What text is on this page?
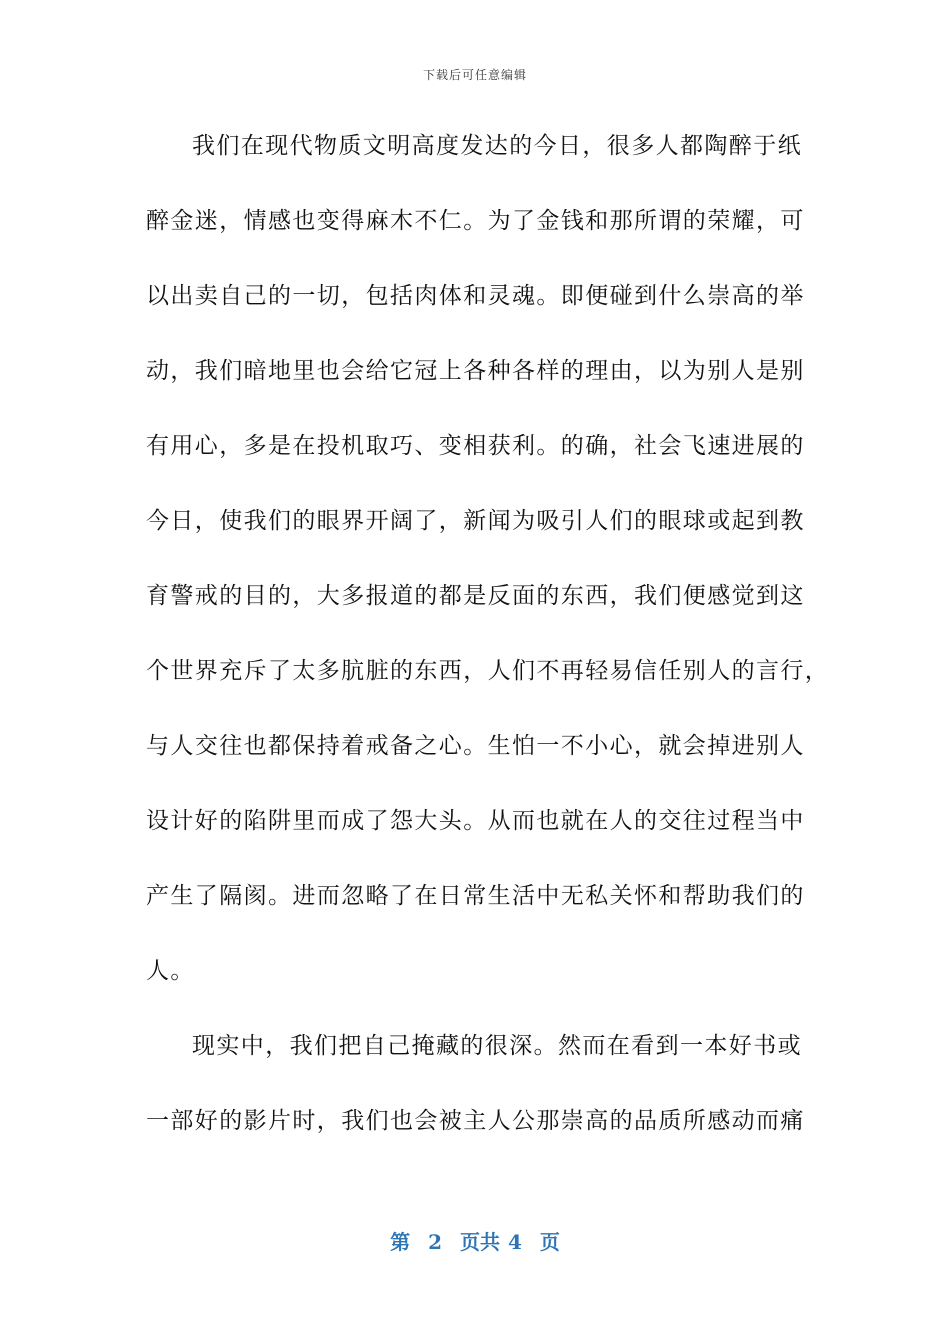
下载后可任意编辑
我们在现代物质文明高度发达的今日，很多人都陶醉于纸
醉金迷，情感也变得麻木不仁。为了金钱和那所谓的荣耀，可
以出卖自己的一切，包括肉体和灵魂。即便碰到什么崇高的举
动，我们暗地里也会给它冠上各种各样的理由，以为别人是别
有用心，多是在投机取巧、变相获利。的确，社会飞速进展的
今日，使我们的眼界开阔了，新闻为吸引人们的眼球或起到教
育警戒的目的，大多报道的都是反面的东西，我们便感觉到这
个世界充斥了太多肮脏的东西，人们不再轻易信任别人的言行，
与人交往也都保持着戒备之心。生怕一不小心，就会掉进别人
设计好的陷阱里而成了怨大头。从而也就在人的交往过程当中
产生了隔阂。进而忽略了在日常生活中无私关怀和帮助我们的
人。
现实中，我们把自己掩藏的很深。然而在看到一本好书或
一部好的影片时，我们也会被主人公那崇高的品质所感动而痛
第 2 页共 4 页
